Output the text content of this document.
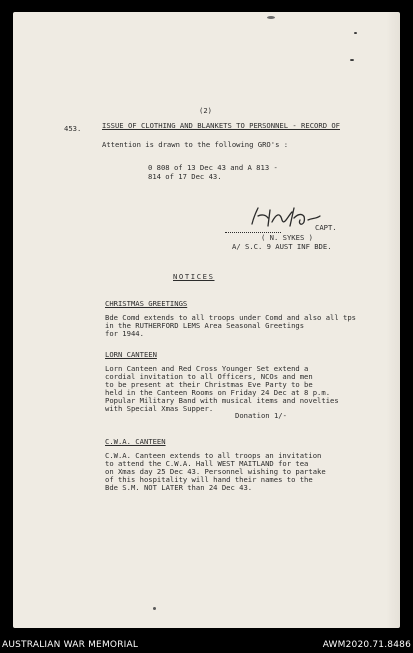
(2)

453.	ISSUE OF CLOTHING AND BLANKETS TO PERSONNEL - RECORD OF

Attention is drawn to the following GRO's :

0 808 of 13 Dec 43 and A 813 -

814 of 17 Dec 43.

CAPT.

( N. SYKES )

A/ S.C. 9 AUST INF BDE.

NOTICES

CHRISTMAS GREETINGS

Bde Comd extends to all troops under Comd and also all tps

in the RUTHERFORD LEMS Area Seasonal Greetings

for 1944.

LORN CANTEEN

Lorn Canteen and Red Cross Younger Set extend a

cordial invitation to all Officers, NCOs and men

to be present at their Christmas Eve Party to be

held in the Canteen Rooms on Friday 24 Dec at 8 p.m.

Popular Military Band with musical items and novelties

with Special Xmas Supper.

Donation 1/-

C.W.A. CANTEEN

C.W.A. Canteen extends to all troops an invitation

to attend the C.W.A. Hall WEST MAITLAND for tea

on Xmas day 25 Dec 43. Personnel wishing to partake

of this hospitality will hand their names to the

Bde S.M. NOT LATER than 24 Dec 43.

AUSTRALIAN WAR MEMORIAL	AWM2020.71.8486
